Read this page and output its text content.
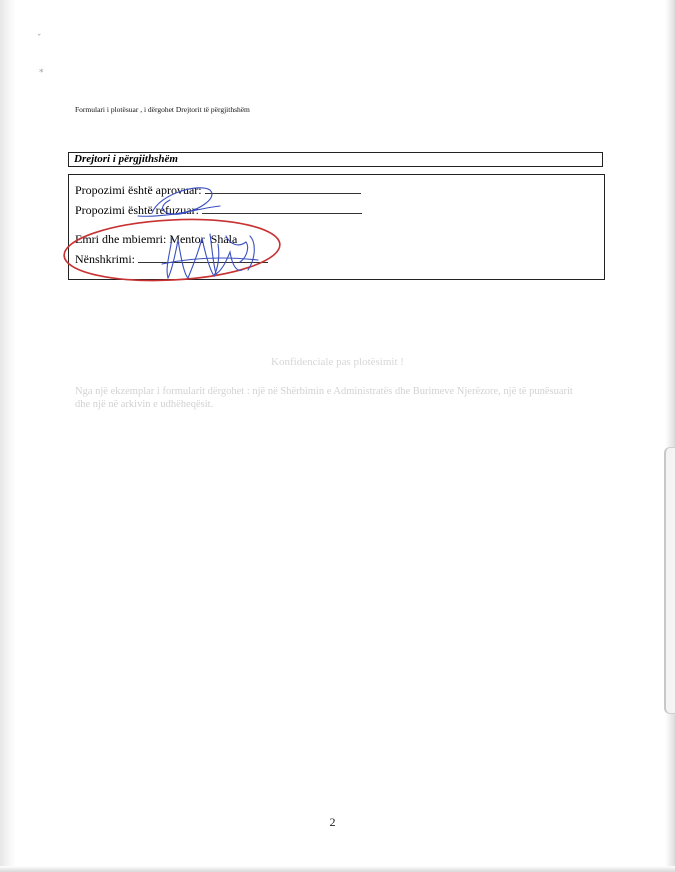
ˇ
*
Formulari i plotësuar , i dërgohet Drejtorit të përgjithshëm
Drejtori i përgjithshëm
Propozimi është aprovuar:
Propozimi është refuzuar:
Emri dhe mbiemri: Mentor  Shala
Nënshkrimi:
Konfidenciale pas plotësimit !
Nga një ekzemplar i formularit dërgohet : një në Shërbimin e Administratës dhe Burimeve Njerëzore, një të punësuarit dhe një në arkivin e udhëheqësit.
2
